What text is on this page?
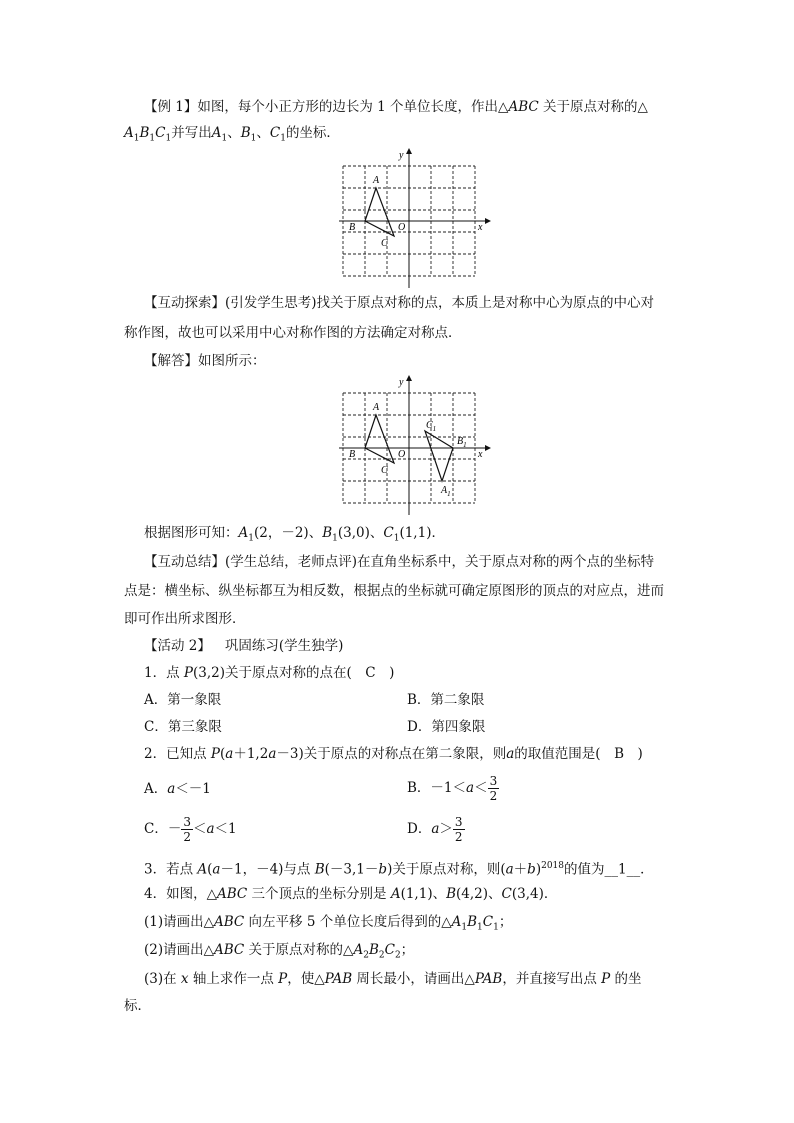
【例 1】如图，每个小正方形的边长为 1 个单位长度，作出△ABC 关于原点对称的△
$A_1B_1C_1$并写出$A_1$、$B_1$、$C_1$的坐标．
A
B
C
O	x
y
【互动探索】(引发学生思考)找关于原点对称的点，本质上是对称中心为原点的中心对
称作图，故也可以采用中心对称作图的方法确定对称点．
【解答】如图所示：
A
B
C
$C_1$
$B_1$
$A_1$
O	x
y
根据图形可知：$A_1(2$，－2)、$B_1(3,0)$、$C_1(1,1)$．
【互动总结】(学生总结，老师点评)在直角坐标系中，关于原点对称的两个点的坐标特
点是：横坐标、纵坐标都互为相反数，根据点的坐标就可确定原图形的顶点的对应点，进而
即可作出所求图形．
【活动 2】 巩固练习(学生独学)
1．点 P(3,2)关于原点对称的点在(　C　)
A．第一象限	B．第二象限
C．第三象限	D．第四象限
2．已知点 P(a＋1,2a－3)关于原点的对称点在第二象限，则a的取值范围是(　B　)
A．a＜－1	B．$-1<a< \frac{3}{2}$
C．－ $\frac{3}{2} <a<1$	D．$a> \frac{3}{2}$
3．若点 A(a－1，－4)与点 B(－3,1－b)关于原点对称，则$(a+b)^{2018}$的值为__1__．
4．如图，△ABC 三个顶点的坐标分别是 A(1,1)、B(4,2)、C(3,4)．
(1)请画出△ABC 向左平移 5 个单位长度后得到的$\triangle A_1B_1C_1$；
(2)请画出△ABC 关于原点对称的$\triangle A_2B_2C_2$；
(3)在 x 轴上求作一点 P，使△PAB 周长最小，请画出△PAB，并直接写出点 P 的坐
标．
